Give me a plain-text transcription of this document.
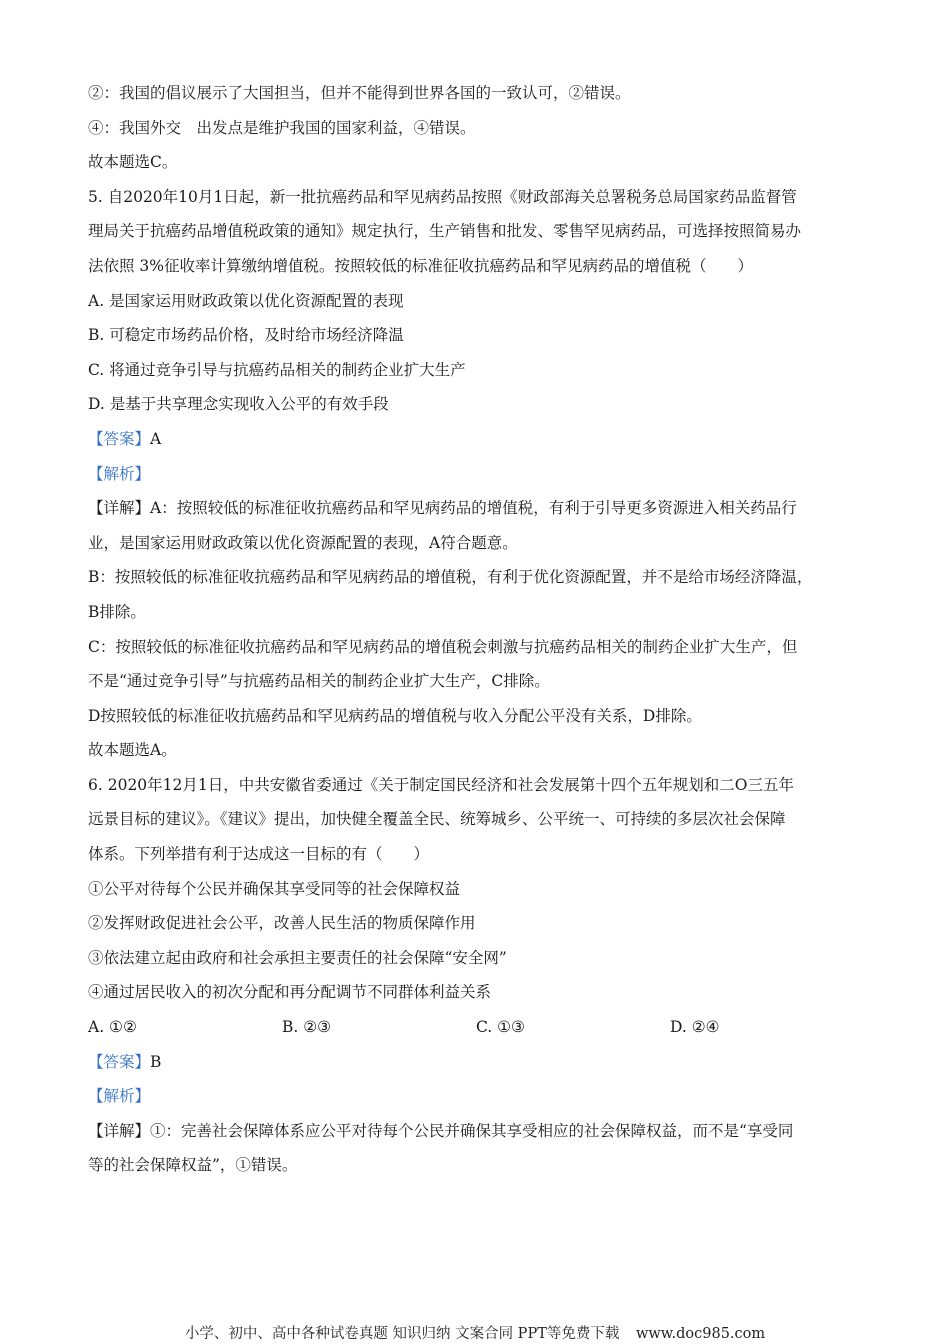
②：我国的倡议展示了大国担当，但并不能得到世界各国的一致认可，②错误。
④：我国外交　出发点是维护我国的国家利益，④错误。
故本题选C。
5. 自2020年10月1日起，新一批抗癌药品和罕见病药品按照《财政部海关总署税务总局国家药品监督管
理局关于抗癌药品增值税政策的通知》规定执行，生产销售和批发、零售罕见病药品，可选择按照简易办
法依照 3%征收率计算缴纳增值税。按照较低的标准征收抗癌药品和罕见病药品的增值税（　　）
A. 是国家运用财政政策以优化资源配置的表现
B. 可稳定市场药品价格，及时给市场经济降温
C. 将通过竞争引导与抗癌药品相关的制药企业扩大生产
D. 是基于共享理念实现收入公平的有效手段
【答案】A
【解析】
【详解】A：按照较低的标准征收抗癌药品和罕见病药品的增值税，有利于引导更多资源进入相关药品行
业，是国家运用财政政策以优化资源配置的表现，A符合题意。
B：按照较低的标准征收抗癌药品和罕见病药品的增值税，有利于优化资源配置，并不是给市场经济降温，
B排除。
C：按照较低的标准征收抗癌药品和罕见病药品的增值税会刺激与抗癌药品相关的制药企业扩大生产，但
不是“通过竞争引导”与抗癌药品相关的制药企业扩大生产，C排除。
D按照较低的标准征收抗癌药品和罕见病药品的增值税与收入分配公平没有关系，D排除。
故本题选A。
6. 2020年12月1日，中共安徽省委通过《关于制定国民经济和社会发展第十四个五年规划和二O三五年
远景目标的建议》。《建议》提出，加快健全覆盖全民、统筹城乡、公平统一、可持续的多层次社会保障
体系。下列举措有利于达成这一目标的有（　　）
①公平对待每个公民并确保其享受同等的社会保障权益
②发挥财政促进社会公平，改善人民生活的物质保障作用
③依法建立起由政府和社会承担主要责任的社会保障“安全网”
④通过居民收入的初次分配和再分配调节不同群体利益关系
A. ①②	B. ②③	C. ①③	D. ②④
【答案】B
【解析】
【详解】①：完善社会保障体系应公平对待每个公民并确保其享受相应的社会保障权益，而不是“享受同
等的社会保障权益”，①错误。
小学、初中、高中各种试卷真题 知识归纳 文案合同 PPT等免费下载 www.doc985.com
